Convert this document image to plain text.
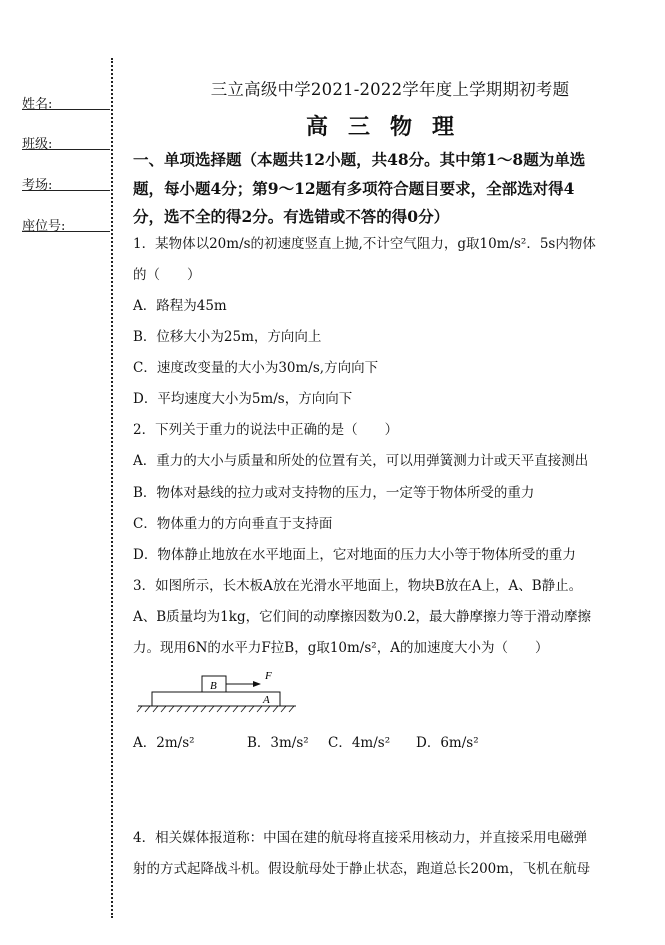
姓名:
班级:
考场:
座位号:
三立高级中学2021-2022学年度上学期期初考题
高三物理
一、单项选择题（本题共12小题，共48分。其中第1～8题为单选
题，每小题4分；第9～12题有多项符合题目要求，全部选对得4
分，选不全的得2分。有选错或不答的得0分）
1．某物体以20m/s的初速度竖直上抛,不计空气阻力，g取10m/s²．5s内物体
的（　　）
A．路程为45m
B．位移大小为25m，方向向上
C．速度改变量的大小为30m/s,方向向下
D．平均速度大小为5m/s，方向向下
2．下列关于重力的说法中正确的是（　　）
A．重力的大小与质量和所处的位置有关，可以用弹簧测力计或天平直接测出
B．物体对悬线的拉力或对支持物的压力，一定等于物体所受的重力
C．物体重力的方向垂直于支持面
D．物体静止地放在水平地面上，它对地面的压力大小等于物体所受的重力
3．如图所示，长木板A放在光滑水平地面上，物块B放在A上，A、B静止。
A、B质量均为1kg，它们间的动摩擦因数为0.2，最大静摩擦力等于滑动摩擦
力。现用6N的水平力F拉B，g取10m/s²，A的加速度大小为（　　）
B
A
F
A．2m/s²	B．3m/s² C．4m/s² D．6m/s²
4．相关媒体报道称：中国在建的航母将直接采用核动力，并直接采用电磁弹
射的方式起降战斗机。假设航母处于静止状态，跑道总长200m，飞机在航母
